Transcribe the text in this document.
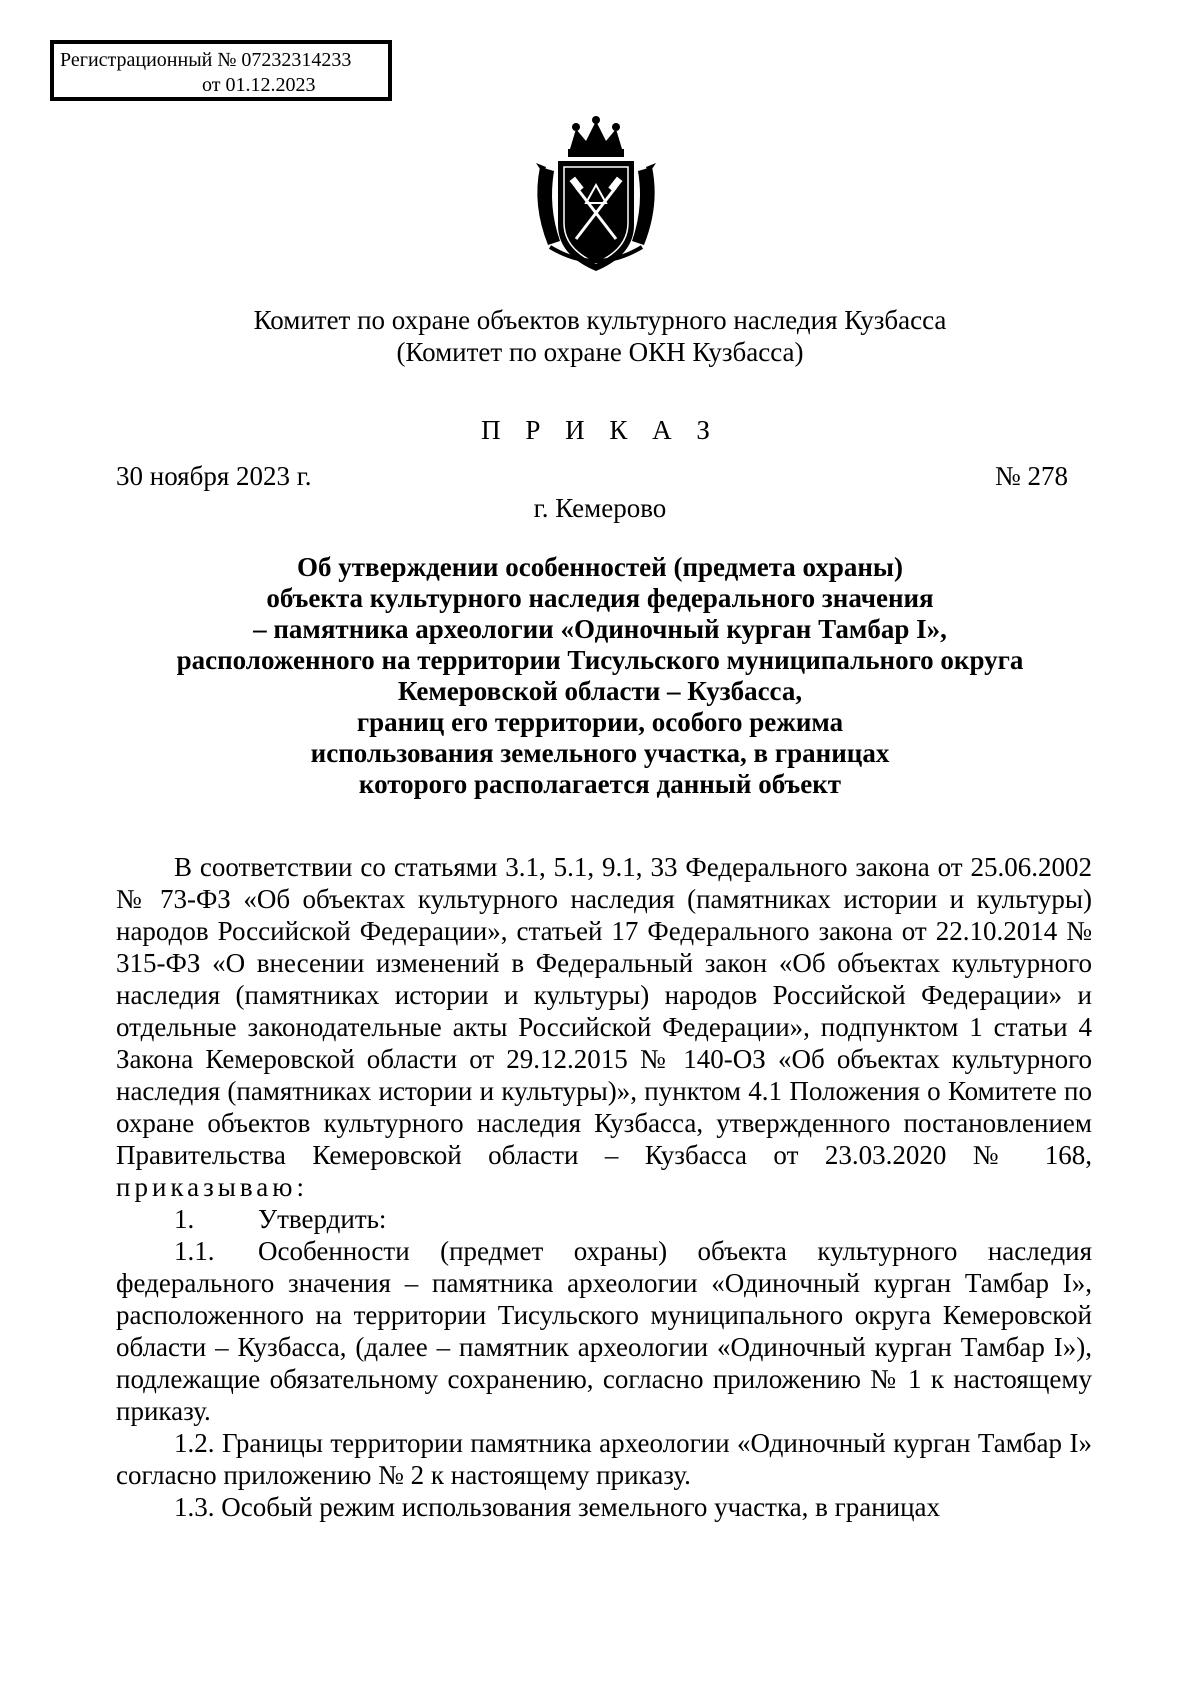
Регистрационный № 07232314233
от 01.12.2023
Комитет по охране объектов культурного наследия Кузбасса
(Комитет по охране ОКН Кузбасса)
П Р И К А З
30 ноября 2023 г.	№ 278
г. Кемерово
Об утверждении особенностей (предмета охраны)
объекта культурного наследия федерального значения
– памятника археологии «Одиночный курган Тамбар I»,
расположенного на территории Тисульского муниципального округа
Кемеровской области – Кузбасса,
границ его территории, особого режима
использования земельного участка, в границах
которого располагается данный объект

В соответствии со статьями 3.1, 5.1, 9.1, 33 Федерального закона от 25.06.2002 № 73-ФЗ «Об объектах культурного наследия (памятниках истории и культуры) народов Российской Федерации», статьей 17 Федерального закона от 22.10.2014 № 315-ФЗ «О внесении изменений в Федеральный закон «Об объектах культурного наследия (памятниках истории и культуры) народов Российской Федерации» и отдельные законодательные акты Российской Федерации», подпунктом 1 статьи 4 Закона Кемеровской области от 29.12.2015 № 140-ОЗ «Об объектах культурного наследия (памятниках истории и культуры)», пунктом 4.1 Положения о Комитете по охране объектов культурного наследия Кузбасса, утвержденного постановлением Правительства Кемеровской области – Кузбасса от 23.03.2020 № 168, приказываю:

1. Утвердить:

1.1. Особенности (предмет охраны) объекта культурного наследия федерального значения – памятника археологии «Одиночный курган Тамбар I», расположенного на территории Тисульского муниципального округа Кемеровской области – Кузбасса, (далее – памятник археологии «Одиночный курган Тамбар I»), подлежащие обязательному сохранению, согласно приложению № 1 к настоящему приказу.

1.2. Границы территории памятника археологии «Одиночный курган Тамбар I» согласно приложению № 2 к настоящему приказу.

1.3. Особый режим использования земельного участка, в границах
